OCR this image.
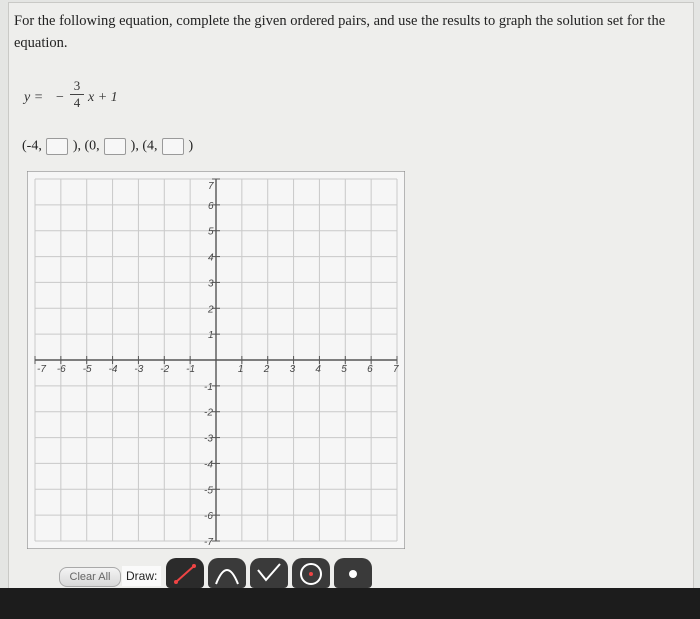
For the following equation, complete the given ordered pairs, and use the results to graph the solution set for the equation.
y = − $\frac{3}{4}$ x + 1
(-4, ), (0, ), (4, )
-7 -6 -5 -4 -3 -2 -1	1 2 3 4 5 6 7
7
6
5
4
3
2
1
-1
-2
-3
-4
-5
-6
-7
Clear All	Draw:
